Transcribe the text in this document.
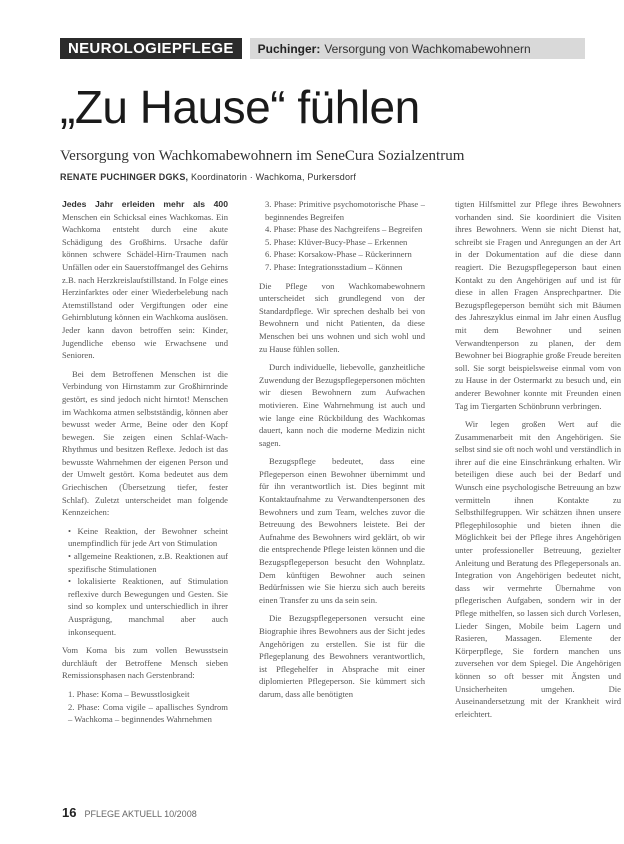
NEUROLOGIEPFLEGE	Puchinger: Versorgung von Wachkomabewohnern
„Zu Hause“ fühlen

Versorgung von Wachkomabewohnern im SeneCura Sozialzentrum

RENATE PUCHINGER DGKS, Koordinatorin · Wachkoma, Purkersdorf

Jedes Jahr erleiden mehr als 400 Menschen ein Schicksal eines Wachkomas. Ein Wachkoma entsteht durch eine akute Schädigung des Großhirns. Ursache dafür können schwere Schädel-Hirn-Traumen nach Unfällen oder ein Sauerstoffmangel des Gehirns z.B. nach Herzkreislaufstillstand. In Folge eines Herzinfarktes oder einer Wiederbelebung nach Atemstillstand oder Vergiftungen oder eine Gehirnblutung können ein Wachkoma auslösen. Jeder kann davon betroffen sein: Kinder, Jugendliche ebenso wie Erwachsene und Senioren.

Bei dem Betroffenen Menschen ist die Verbindung von Hirnstamm zur Großhirnrinde gestört, es sind jedoch nicht hirntot! Menschen im Wachkoma atmen selbstständig, können aber bewusst weder Arme, Beine oder den Kopf bewegen. Sie zeigen einen Schlaf-Wach-Rhythmus und besitzen Reflexe. Jedoch ist das bewusste Wahrnehmen der eigenen Person und der Umwelt gestört. Koma bedeutet aus dem Griechischen (Übersetzung tiefer, fester Schlaf). Zuletzt unterscheidet man folgende Kennzeichen:

• Keine Reaktion, der Bewohner scheint unempfindlich für jede Art von Stimulation
• allgemeine Reaktionen, z.B. Reaktionen auf spezifische Stimulationen
• lokalisierte Reaktionen, auf Stimulation reflexive durch Bewegungen und Gesten. Sie sind so komplex und unterschiedlich in ihrer Ausprägung, manchmal aber auch inkonsequent.

Vom Koma bis zum vollen Bewusstsein durchläuft der Betroffene Mensch sieben Remissionsphasen nach Gerstenbrand:

1. Phase: Koma – Bewusstlosigkeit
2. Phase: Coma vigile – apallisches Syndrom – Wachkoma – beginnendes Wahrnehmen
3. Phase: Primitive psychomotorische Phase – beginnendes Begreifen
4. Phase: Phase des Nachgreifens – Begreifen
5. Phase: Klüver-Bucy-Phase – Erkennen
6. Phase: Korsakow-Phase – Rückerinnern
7. Phase: Integrationsstadium – Können

Die Pflege von Wachkomabewohnern unterscheidet sich grundlegend von der Standardpflege. Wir sprechen deshalb bei von Bewohnern und nicht Patienten, da diese Menschen bei uns wohnen und sich wohl und zu Hause fühlen sollen.

Durch individuelle, liebevolle, ganzheitliche Zuwendung der Bezugspflegepersonen möchten wir diesen Bewohnern zum Aufwachen motivieren. Eine Wahrnehmung ist auch und wie lange eine Rückbildung des Wachkomas dauert, kann noch die moderne Medizin nicht sagen.

Bezugspflege bedeutet, dass eine Pflegeperson einen Bewohner übernimmt und für ihn verantwortlich ist. Dies beginnt mit Kontaktaufnahme zu Verwandtenpersonen des Bewohners und zum Team, welches zuvor die Betreuung des Bewohners leistete. Bei der Aufnahme des Bewohners wird geklärt, ob wir die entsprechende Pflege leisten können und die Bezugspflegeperson besucht den Wohnplatz. Dem künftigen Bewohner auch seinen Bedürfnissen wie Sie hierzu sich auch bereits einen Transfer zu uns da sein sein.

Die Bezugspflegepersonen versucht eine Biographie ihres Bewohners aus der Sicht jedes Angehörigen zu erstellen. Sie ist für die Pflegeplanung des Bewohners verantwortlich, ist Pflegehelfer in Absprache mit einer diplomierten Pflegeperson. Sie kümmert sich darum, dass alle benötigten

tigten Hilfsmittel zur Pflege ihres Bewohners vorhanden sind. Sie koordiniert die Visiten ihres Bewohners. Wenn sie nicht Dienst hat, schreibt sie Fragen und Anregungen an der Art in der Dokumentation auf die diese dann reagiert. Die Bezugspflegeperson baut einen Kontakt zu den Angehörigen auf und ist für diese in allen Fragen Ansprechpartner. Die Bezugspflegeperson bemüht sich mit Bäumen des Jahreszyklus einmal im Jahr einen Ausflug mit dem Bewohner und seinen Verwandtenperson zu planen, der dem Bewohner bei Biographie große Freude bereiten soll. Sie sorgt beispielsweise einmal vom von zu Hause in der Ostermarkt zu besuch und, ein anderer Bewohner konnte mit Freunden einen Tag im Tiergarten Schönbrunn verbringen.

Wir legen großen Wert auf die Zusammenarbeit mit den Angehörigen. Sie selbst sind sie oft noch wohl und verständlich in ihrer auf die eine Einschränkung erhalten. Wir beteiligen diese auch bei der Bedarf und Wunsch eine psychologische Betreuung an bzw vermitteln ihnen Kontakte zu Selbsthilfegruppen. Wir schätzen ihnen unsere Pflegephilosophie und bieten ihnen die Möglichkeit bei der Pflege ihres Angehörigen unter professioneller Betreuung, gezielter Anleitung und Beratung des Pflegepersonals an. Integration von Angehörigen bedeutet nicht, dass wir vermehrte Übernahme von pflegerischen Aufgaben, sondern wir in der Pflege mithelfen, so lassen sich durch Vorlesen, Lieder Singen, Mobile beim Lagern und Rasieren, Massagen. Elemente der Körperpflege, Sie fordern manchen uns zuversehen vor dem Spiegel. Die Angehörigen können so oft besser mit Ängsten und Unsicherheiten umgehen. Die Auseinandersetzung mit der Krankheit wird erleichtert.

16 PFLEGE AKTUELL 10/2008
